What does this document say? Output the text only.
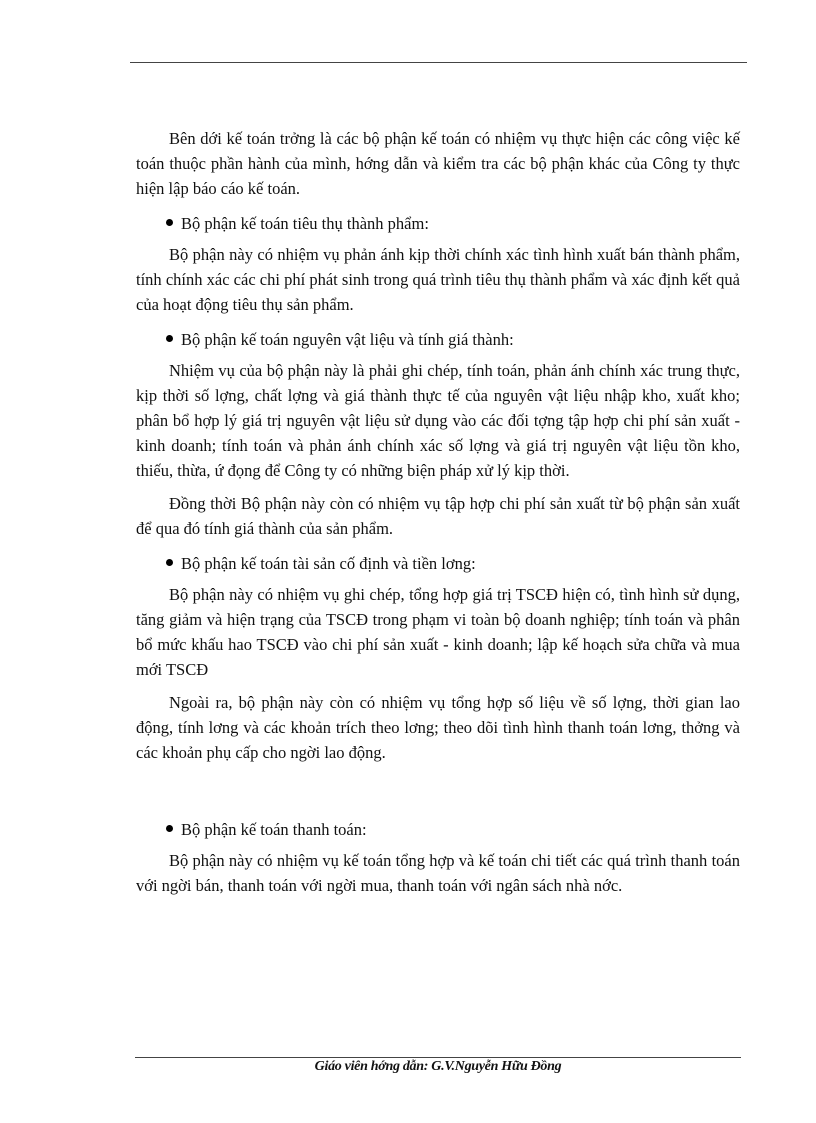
Bên dới kế toán trởng là các bộ phận kế toán có nhiệm vụ thực hiện các công việc kế toán thuộc phần hành của mình, hớng dẫn và kiểm tra các bộ phận khác của Công ty thực hiện lập báo cáo kế toán.

Bộ phận kế toán tiêu thụ thành phẩm:

Bộ phận này có nhiệm vụ phản ánh kịp thời chính xác tình hình xuất bán thành phẩm, tính chính xác các chi phí phát sinh trong quá trình tiêu thụ thành phẩm và xác định kết quả của hoạt động tiêu thụ sản phẩm.

Bộ phận kế toán nguyên vật liệu và tính giá thành:

Nhiệm vụ của bộ phận này là phải ghi chép, tính toán, phản ánh chính xác trung thực, kịp thời số lợng, chất lợng và giá thành thực tế của nguyên vật liệu nhập kho, xuất kho; phân bổ hợp lý giá trị nguyên vật liệu sử dụng vào các đối tợng tập hợp chi phí sản xuất - kinh doanh; tính toán và phản ánh chính xác số lợng và giá trị nguyên vật liệu tồn kho, thiếu, thừa, ứ đọng để Công ty có những biện pháp xử lý kịp thời.

Đồng thời Bộ phận này còn có nhiệm vụ tập hợp chi phí sản xuất từ bộ phận sản xuất để qua đó tính giá thành của sản phẩm.

Bộ phận kế toán tài sản cố định và tiền lơng:

Bộ phận này có nhiệm vụ ghi chép, tổng hợp giá trị TSCĐ hiện có, tình hình sử dụng, tăng giảm và hiện trạng của TSCĐ trong phạm vi toàn bộ doanh nghiệp; tính toán và phân bổ mức khấu hao TSCĐ vào chi phí sản xuất - kinh doanh; lập kế hoạch sửa chữa và mua mới TSCĐ

Ngoài ra, bộ phận này còn có nhiệm vụ tổng hợp số liệu về số lợng, thời gian lao động, tính lơng và các khoản trích theo lơng; theo dõi tình hình thanh toán lơng, thởng và các khoản phụ cấp cho ngời lao động.

Bộ phận kế toán thanh toán:

Bộ phận này có nhiệm vụ kế toán tổng hợp và kế toán chi tiết các quá trình thanh toán với ngời bán, thanh toán với ngời mua, thanh toán với ngân sách nhà nớc.

Giáo viên hớng dẫn: G.V.Nguyễn Hữu Đồng
